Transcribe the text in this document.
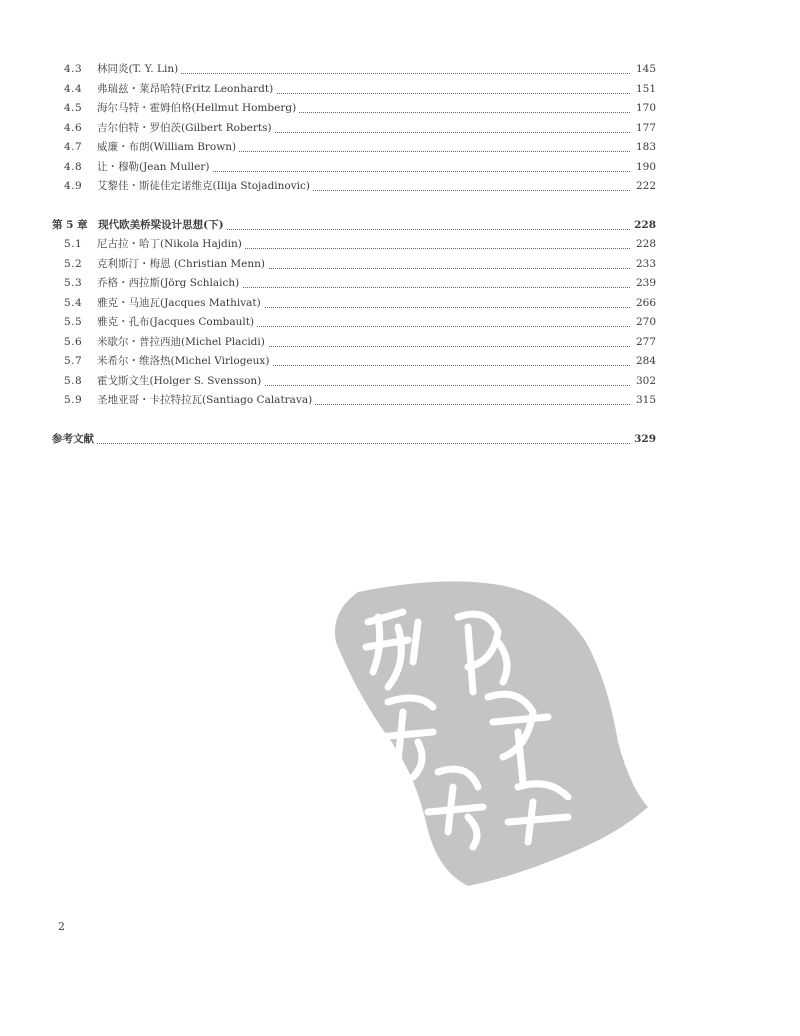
4.3	林同炎(T. Y. Lin)	145
4.4	弗瑞兹・莱昂哈特(Fritz Leonhardt)	151
4.5	海尔马特・霍姆伯格(Hellmut Homberg)	170
4.6	吉尔伯特・罗伯茨(Gilbert Roberts)	177
4.7	威廉・布朗(William Brown)	183
4.8	让・穆勒(Jean Muller)	190
4.9	艾黎佳・斯徒佳定诺维克(Ilija Stojadinovic)	222
第 5 章　现代欧美桥梁设计思想(下)	228
5.1	尼古拉・哈丁(Nikola Hajdin)	228
5.2	克利斯汀・梅恩 (Christian Menn)	233
5.3	乔格・西拉斯(Jörg Schlaich)	239
5.4	雅克・马迪瓦(Jacques Mathivat)	266
5.5	雅克・孔布(Jacques Combault)	270
5.6	米歇尔・普拉西迪(Michel Placidi)	277
5.7	米希尔・维洛热(Michel Virlogeux)	284
5.8	霍戈斯文生(Holger S. Svensson)	302
5.9	圣地亚哥・卡拉特拉瓦(Santiago Calatrava)	315
参考文献	329
2
